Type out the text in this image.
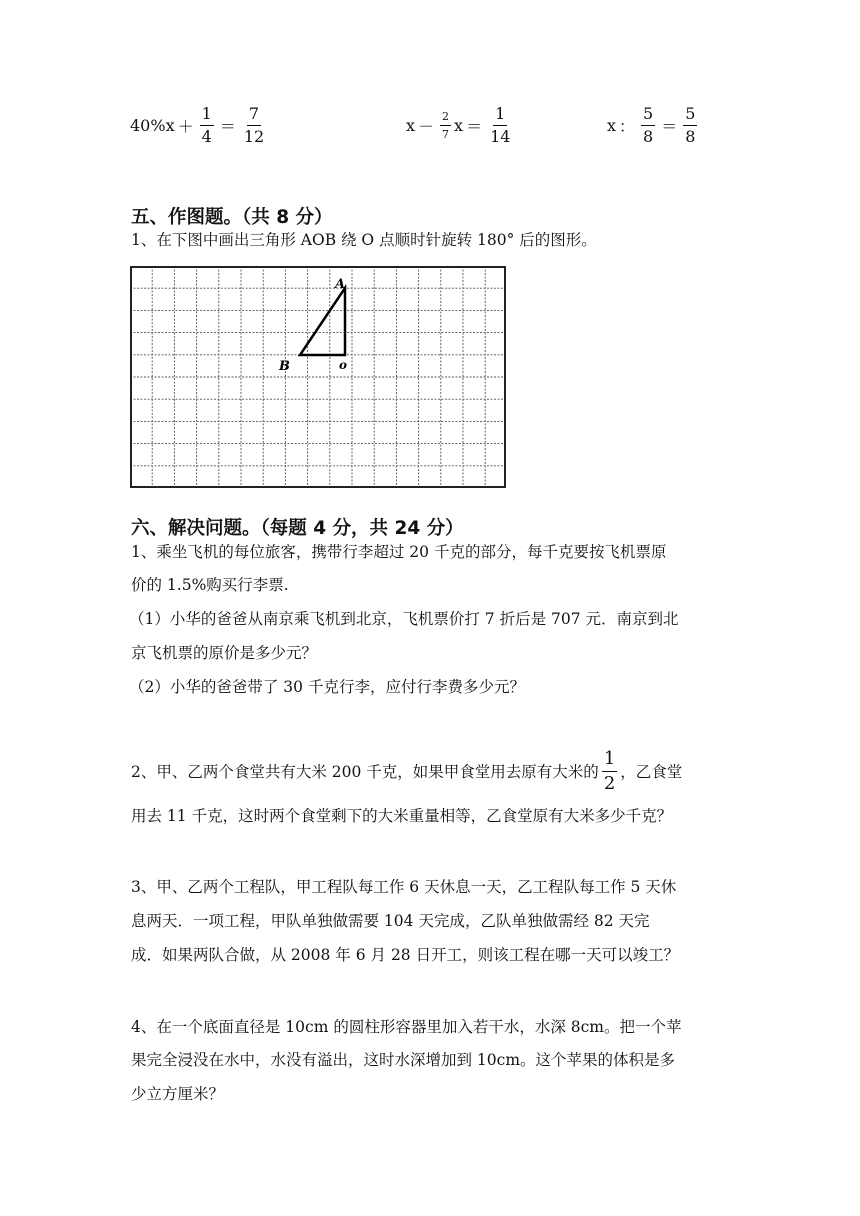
$40\%x + \frac{1}{4} = \frac{7}{12}$	$x - \frac{2}{7}$ $x = \frac{1}{14}$	x ： $\frac{5}{8} = \frac{5}{8}$
五、作图题。（共 8 分）
1、在下图中画出三角形 AOB 绕 O 点顺时针旋转 180° 后的图形。
A
B	o
六、解决问题。（每题 4 分，共 24 分）
1、乘坐飞机的每位旅客，携带行李超过 20 千克的部分，每千克要按飞机票原
价的 1.5%购买行李票.
（1）小华的爸爸从南京乘飞机到北京，飞机票价打 7 折后是 707 元．南京到北
京飞机票的原价是多少元？
（2）小华的爸爸带了 30 千克行李，应付行李费多少元？
2、甲、乙两个食堂共有大米 200 千克，如果甲食堂用去原有大米的 $\frac{1}{2}$ ，乙食堂
用去 11 千克，这时两个食堂剩下的大米重量相等，乙食堂原有大米多少千克？
3、甲、乙两个工程队，甲工程队每工作 6 天休息一天，乙工程队每工作 5 天休
息两天．一项工程，甲队单独做需要 104 天完成，乙队单独做需经 82 天完
成．如果两队合做，从 2008 年 6 月 28 日开工，则该工程在哪一天可以竣工？
4、在一个底面直径是 10cm 的圆柱形容器里加入若干水，水深 8cm。把一个苹
果完全浸没在水中，水没有溢出，这时水深增加到 10cm。这个苹果的体积是多
少立方厘米？
